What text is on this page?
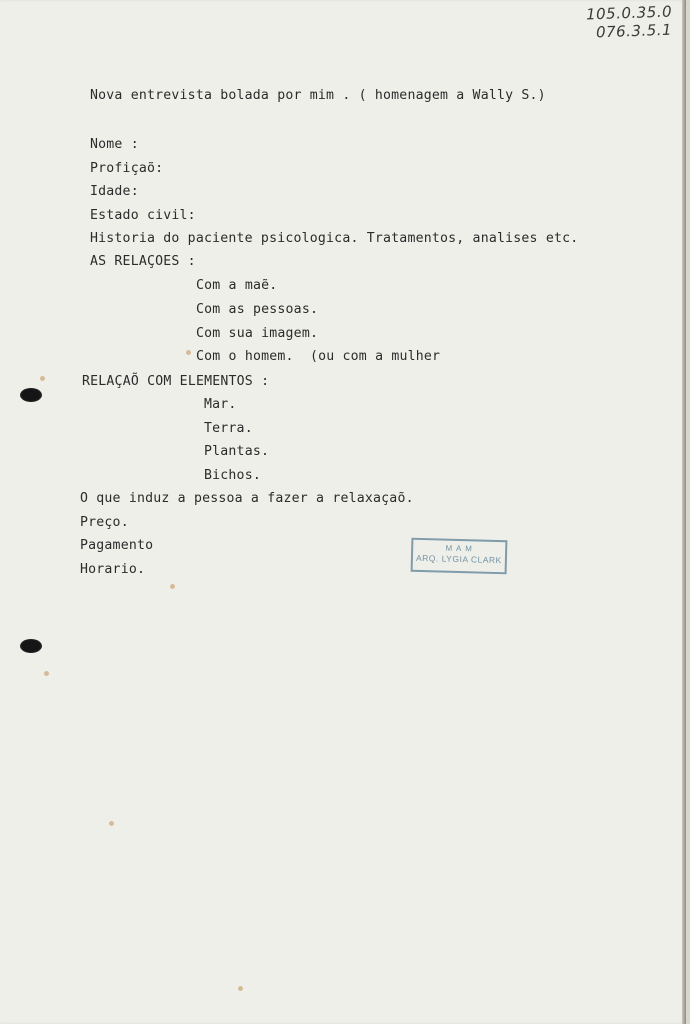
105.0.35.0
076.3.5.1
Nova entrevista bolada por mim . ( homenagem a Wally S.)
Nome :
Profiçaõ:
Idade:
Estado civil:
Historia do paciente psicologica. Tratamentos, analises etc.
AS RELAÇOES :
Com a maẽ.
Com as pessoas.
Com sua imagem.
Com o homem.  (ou com a mulher
RELAÇAÕ COM ELEMENTOS :
Mar.
Terra.
Plantas.
Bichos.
O que induz a pessoa a fazer a relaxaçaõ.
Preço.
Pagamento
Horario.
M A M
ARQ. LYGIA CLARK
